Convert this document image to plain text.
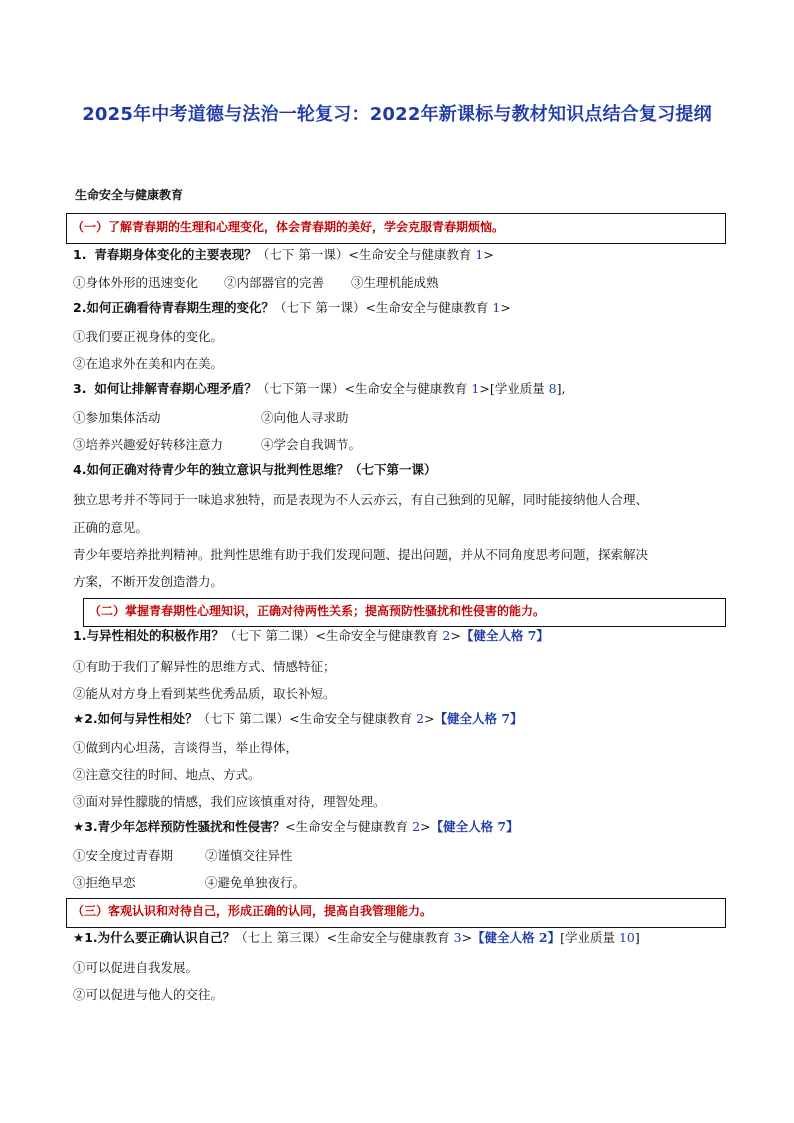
2025年中考道德与法治一轮复习：2022年新课标与教材知识点结合复习提纲
生命安全与健康教育
（一）了解青春期的生理和心理变化，体会青春期的美好，学会克服青春期烦恼。
1. 青春期身体变化的主要表现？（七下 第一课）<生命安全与健康教育 1>
①身体外形的迅速变化 ②内部器官的完善 ③生理机能成熟
2.如何正确看待青春期生理的变化？（七下 第一课）<生命安全与健康教育 1>
①我们要正视身体的变化。
②在追求外在美和内在美。
3. 如何让排解青春期心理矛盾？（七下第一课）<生命安全与健康教育 1>[学业质量 8],
①参加集体活动	②向他人寻求助
③培养兴趣爱好转移注意力	④学会自我调节。
4.如何正确对待青少年的独立意识与批判性思维？（七下第一课）
独立思考并不等同于一味追求独特，而是表现为不人云亦云，有自己独到的见解，同时能接纳他人合理、
正确的意见。
青少年要培养批判精神。批判性思维有助于我们发现问题、提出问题，并从不同角度思考问题，探索解决
方案，不断开发创造潜力。
（二）掌握青春期性心理知识，正确对待两性关系；提高预防性骚扰和性侵害的能力。
1.与异性相处的积极作用？（七下 第二课）<生命安全与健康教育 2>【健全人格 7】
①有助于我们了解异性的思维方式、情感特征；
②能从对方身上看到某些优秀品质，取长补短。
★2.如何与异性相处？（七下 第二课）<生命安全与健康教育 2>【健全人格 7】
①做到内心坦荡，言谈得当，举止得体，
②注意交往的时间、地点、方式。
③面对异性朦胧的情感，我们应该慎重对待，理智处理。
★3.青少年怎样预防性骚扰和性侵害？<生命安全与健康教育 2>【健全人格 7】
①安全度过青春期	②谨慎交往异性
③拒绝早恋	④避免单独夜行。
（三）客观认识和对待自己，形成正确的认同，提高自我管理能力。
★1.为什么要正确认识自己？（七上 第三课）<生命安全与健康教育 3>【健全人格 2】[学业质量 10]
①可以促进自我发展。
②可以促进与他人的交往。
